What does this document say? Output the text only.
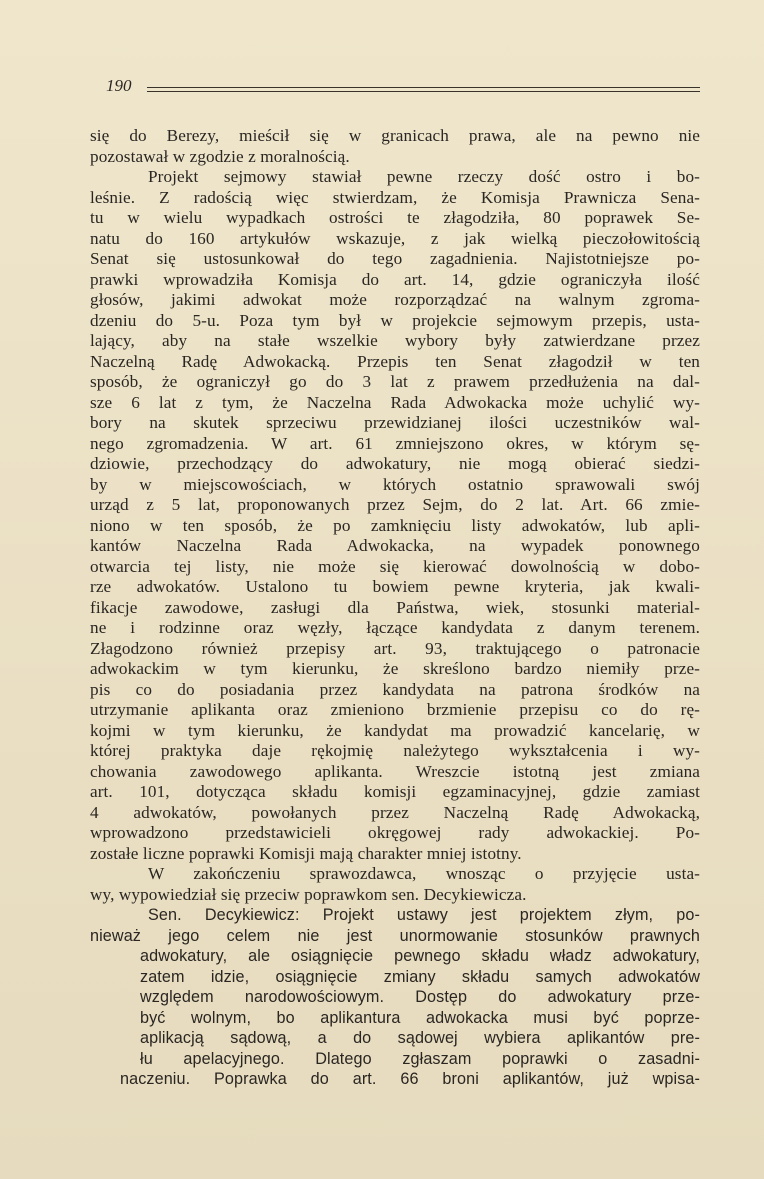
190
się do Berezy, mieścił się w granicach prawa, ale na pewno nie
pozostawał w zgodzie z moralnością.
Projekt sejmowy stawiał pewne rzeczy dość ostro i bo-
leśnie. Z radością więc stwierdzam, że Komisja Prawnicza Sena-
tu w wielu wypadkach ostrości te złagodziła, 80 poprawek Se-
natu do 160 artykułów wskazuje, z jak wielką pieczołowitością
Senat się ustosunkował do tego zagadnienia. Najistotniejsze po-
prawki wprowadziła Komisja do art. 14, gdzie ograniczyła ilość
głosów, jakimi adwokat może rozporządzać na walnym zgroma-
dzeniu do 5-u. Poza tym był w projekcie sejmowym przepis, usta-
lający, aby na stałe wszelkie wybory były zatwierdzane przez
Naczelną Radę Adwokacką. Przepis ten Senat złagodził w ten
sposób, że ograniczył go do 3 lat z prawem przedłużenia na dal-
sze 6 lat z tym, że Naczelna Rada Adwokacka może uchylić wy-
bory na skutek sprzeciwu przewidzianej ilości uczestników wal-
nego zgromadzenia. W art. 61 zmniejszono okres, w którym sę-
dziowie, przechodzący do adwokatury, nie mogą obierać siedzi-
by w miejscowościach, w których ostatnio sprawowali swój
urząd z 5 lat, proponowanych przez Sejm, do 2 lat. Art. 66 zmie-
niono w ten sposób, że po zamknięciu listy adwokatów, lub apli-
kantów Naczelna Rada Adwokacka, na wypadek ponownego
otwarcia tej listy, nie może się kierować dowolnością w dobo-
rze adwokatów. Ustalono tu bowiem pewne kryteria, jak kwali-
fikacje zawodowe, zasługi dla Państwa, wiek, stosunki material-
ne i rodzinne oraz węzły, łączące kandydata z danym terenem.
Złagodzono również przepisy art. 93, traktującego o patronacie
adwokackim w tym kierunku, że skreślono bardzo niemiły prze-
pis co do posiadania przez kandydata na patrona środków na
utrzymanie aplikanta oraz zmieniono brzmienie przepisu co do rę-
kojmi w tym kierunku, że kandydat ma prowadzić kancelarię, w
której praktyka daje rękojmię należytego wykształcenia i wy-
chowania zawodowego aplikanta. Wreszcie istotną jest zmiana
art. 101, dotycząca składu komisji egzaminacyjnej, gdzie zamiast
4 adwokatów, powołanych przez Naczelną Radę Adwokacką,
wprowadzono przedstawicieli okręgowej rady adwokackiej. Po-
zostałe liczne poprawki Komisji mają charakter mniej istotny.
W zakończeniu sprawozdawca, wnosząc o przyjęcie usta-
wy, wypowiedział się przeciw poprawkom sen. Decykiewicza.
Sen. Decykiewicz: Projekt ustawy jest projektem złym, po-
nieważ jego celem nie jest unormowanie stosunków prawnych
adwokatury, ale osiągnięcie pewnego składu władz adwokatury,
zatem idzie, osiągnięcie zmiany składu samych adwokatów
względem narodowościowym. Dostęp do adwokatury prze-
być wolnym, bo aplikantura adwokacka musi być poprze-
aplikacją sądową, a do sądowej wybiera aplikantów pre-
łu apelacyjnego. Dlatego zgłaszam poprawki o zasadni-
naczeniu. Poprawka do art. 66 broni aplikantów, już wpisa-
